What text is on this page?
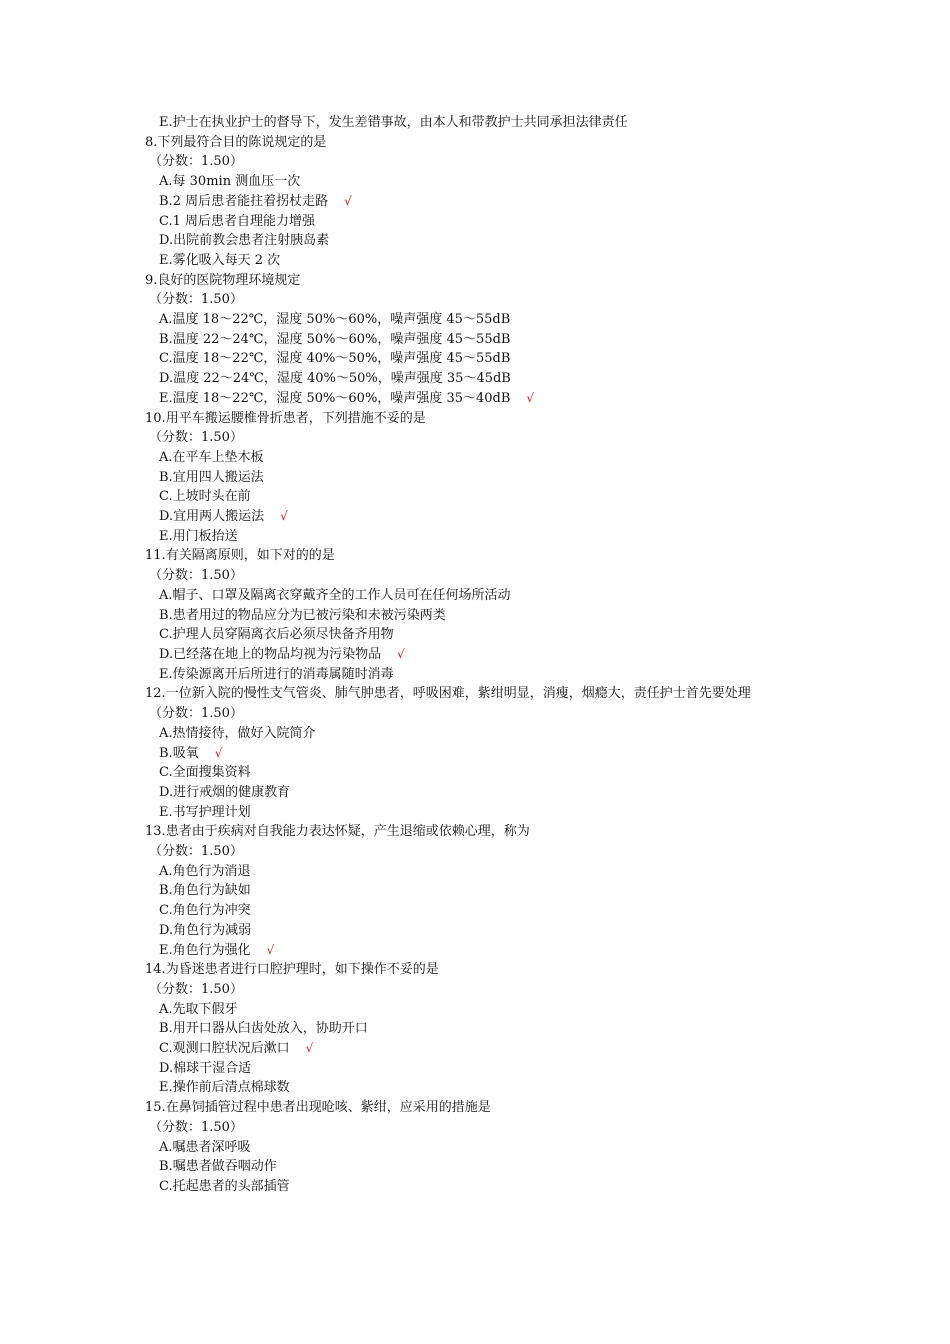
E.护士在执业护士的督导下，发生差错事故，由本人和带教护士共同承担法律责任
8.下列最符合目的陈说规定的是
（分数：1.50）
A.每 30min 测血压一次
B.2 周后患者能拄着拐杖走路 √
C.1 周后患者自理能力增强
D.出院前教会患者注射胰岛素
E.雾化吸入每天 2 次
9.良好的医院物理环境规定
（分数：1.50）
A.温度 18～22℃，湿度 50%～60%，噪声强度 45～55dB
B.温度 22～24℃，湿度 50%～60%，噪声强度 45～55dB
C.温度 18～22℃，湿度 40%～50%，噪声强度 45～55dB
D.温度 22～24℃，湿度 40%～50%，噪声强度 35～45dB
E.温度 18～22℃，湿度 50%～60%，噪声强度 35～40dB √
10.用平车搬运腰椎骨折患者，下列措施不妥的是
（分数：1.50）
A.在平车上垫木板
B.宜用四人搬运法
C.上坡时头在前
D.宜用两人搬运法 √
E.用门板抬送
11.有关隔离原则，如下对的的是
（分数：1.50）
A.帽子、口罩及隔离衣穿戴齐全的工作人员可在任何场所活动
B.患者用过的物品应分为已被污染和未被污染两类
C.护理人员穿隔离衣后必须尽快备齐用物
D.已经落在地上的物品均视为污染物品 √
E.传染源离开后所进行的消毒属随时消毒
12.一位新入院的慢性支气管炎、肺气肿患者，呼吸困难，紫绀明显，消瘦，烟瘾大，责任护士首先要处理
（分数：1.50）
A.热情接待，做好入院简介
B.吸氧 √
C.全面搜集资料
D.进行戒烟的健康教育
E.书写护理计划
13.患者由于疾病对自我能力表达怀疑，产生退缩或依赖心理，称为
（分数：1.50）
A.角色行为消退
B.角色行为缺如
C.角色行为冲突
D.角色行为减弱
E.角色行为强化 √
14.为昏迷患者进行口腔护理时，如下操作不妥的是
（分数：1.50）
A.先取下假牙
B.用开口器从臼齿处放入，协助开口
C.观测口腔状况后漱口 √
D.棉球干湿合适
E.操作前后清点棉球数
15.在鼻饲插管过程中患者出现呛咳、紫绀，应采用的措施是
（分数：1.50）
A.嘱患者深呼吸
B.嘱患者做吞咽动作
C.托起患者的头部插管
